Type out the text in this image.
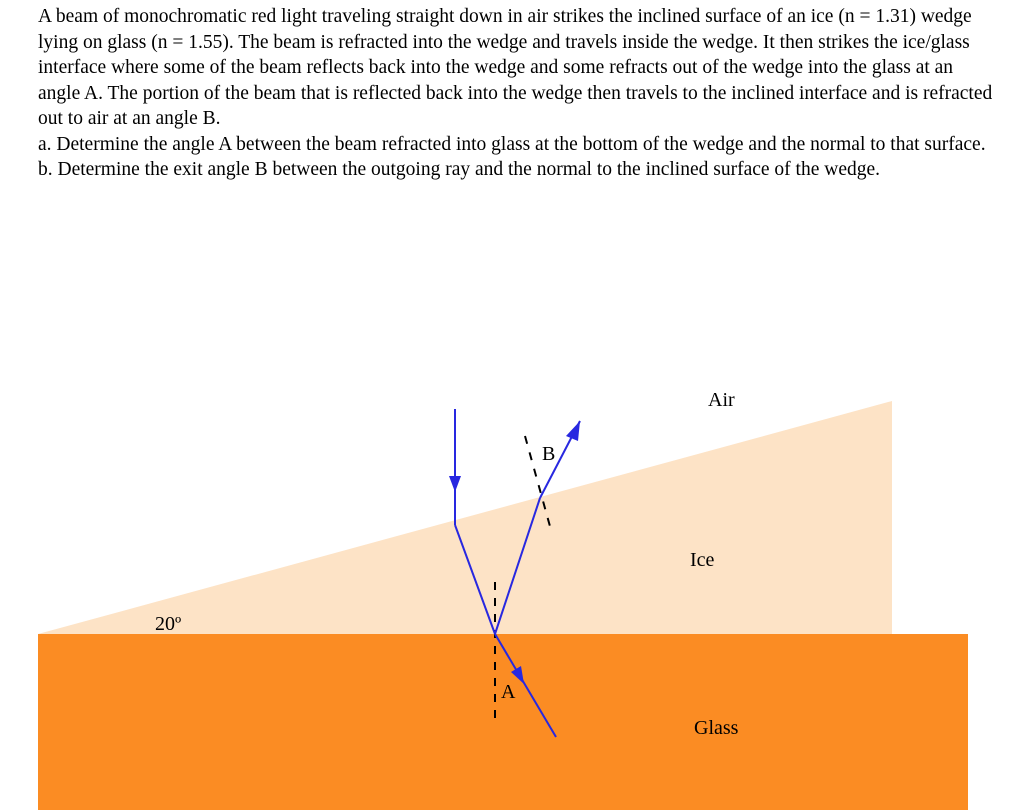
A beam of monochromatic red light traveling straight down in air strikes the inclined surface of an ice (n = 1.31) wedge lying on glass (n = 1.55). The beam is refracted into the wedge and travels inside the wedge. It then strikes the ice/glass interface where some of the beam reflects back into the wedge and some refracts out of the wedge into the glass at an angle A. The portion of the beam that is reflected back into the wedge then travels to the inclined interface and is refracted out to air at an angle B.

a. Determine the angle A between the beam refracted into glass at the bottom of the wedge and the normal to that surface.

b. Determine the exit angle B between the outgoing ray and the normal to the inclined surface of the wedge.

Air
Ice
Glass
20º
A
B
